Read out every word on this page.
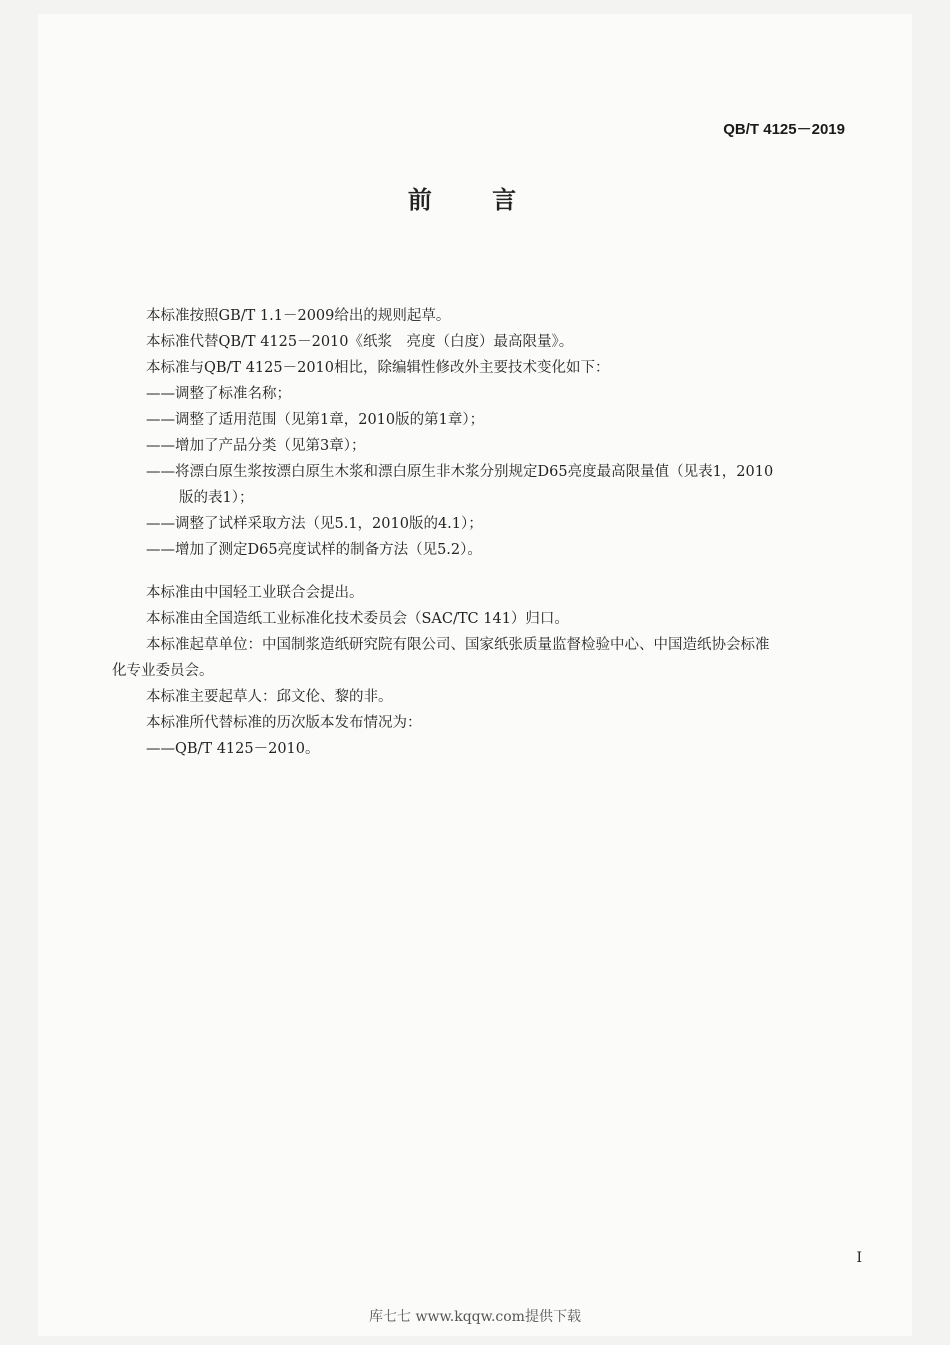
QB/T 4125－2019
前 言

本标准按照GB/T 1.1－2009给出的规则起草。

本标准代替QB/T 4125－2010《纸浆　亮度（白度）最高限量》。

本标准与QB/T 4125－2010相比，除编辑性修改外主要技术变化如下：

——调整了标准名称；

——调整了适用范围（见第1章，2010版的第1章）；

——增加了产品分类（见第3章）；

——将漂白原生浆按漂白原生木浆和漂白原生非木浆分别规定D65亮度最高限量值（见表1，2010

版的表1）；

——调整了试样采取方法（见5.1，2010版的4.1）；

——增加了测定D65亮度试样的制备方法（见5.2）。

本标准由中国轻工业联合会提出。

本标准由全国造纸工业标准化技术委员会（SAC/TC 141）归口。

本标准起草单位：中国制浆造纸研究院有限公司、国家纸张质量监督检验中心、中国造纸协会标准

化专业委员会。

本标准主要起草人：邱文伦、黎的非。

本标准所代替标准的历次版本发布情况为：

——QB/T 4125－2010。

I
库七七 www.kqqw.com提供下载
